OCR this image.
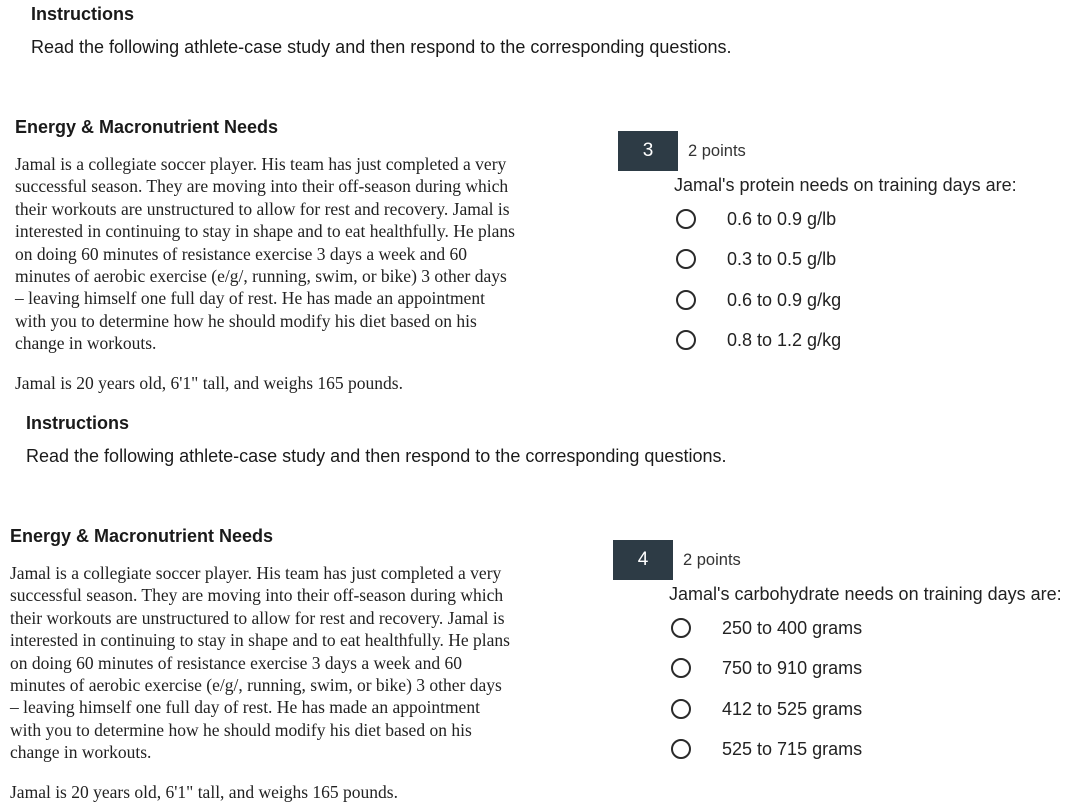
Instructions
Read the following athlete-case study and then respond to the corresponding questions.
Energy & Macronutrient Needs

Jamal is a collegiate soccer player. His team has just completed a very

successful season. They are moving into their off-season during which

their workouts are unstructured to allow for rest and recovery. Jamal is

interested in continuing to stay in shape and to eat healthfully. He plans

on doing 60 minutes of resistance exercise 3 days a week and 60

minutes of aerobic exercise (e/g/, running, swim, or bike) 3 other days

– leaving himself one full day of rest. He has made an appointment

with you to determine how he should modify his diet based on his

change in workouts.

Jamal is 20 years old, 6'1" tall, and weighs 165 pounds.
3	2 points
Jamal's protein needs on training days are:
0.6 to 0.9 g/lb
0.3 to 0.5 g/lb
0.6 to 0.9 g/kg
0.8 to 1.2 g/kg
Instructions
Read the following athlete-case study and then respond to the corresponding questions.
Energy & Macronutrient Needs

Jamal is a collegiate soccer player. His team has just completed a very

successful season. They are moving into their off-season during which

their workouts are unstructured to allow for rest and recovery. Jamal is

interested in continuing to stay in shape and to eat healthfully. He plans

on doing 60 minutes of resistance exercise 3 days a week and 60

minutes of aerobic exercise (e/g/, running, swim, or bike) 3 other days

– leaving himself one full day of rest. He has made an appointment

with you to determine how he should modify his diet based on his

change in workouts.

Jamal is 20 years old, 6'1" tall, and weighs 165 pounds.
4	2 points
Jamal's carbohydrate needs on training days are:
250 to 400 grams
750 to 910 grams
412 to 525 grams
525 to 715 grams
